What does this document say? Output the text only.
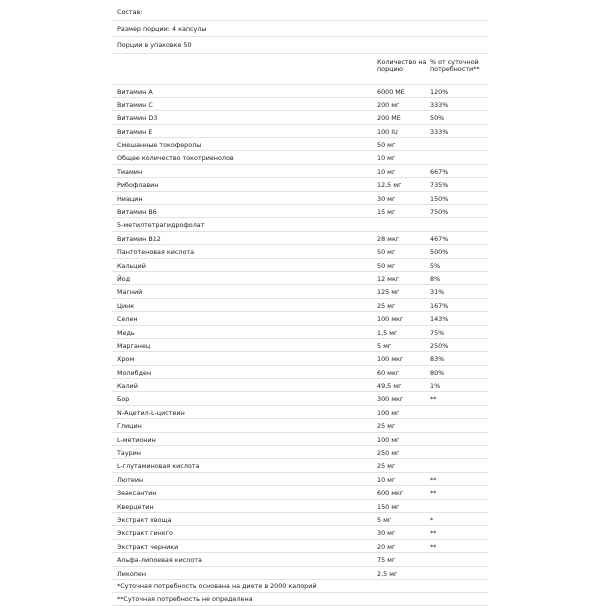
Состав:
Размер порции: 4 капсулы
Порции в упаковке 50
Количество на порцию
% от суточной потребности**
Витамин A	6000 МЕ	120%
Витамин C	200 мг	333%
Витамин D3	200 МЕ	50%
Витамин E	100 IU	333%
Смешанные токоферолы	50 мг
Общее количество токотриенолов	10 мг
Тиамин	10 мг	667%
Рибофлавин	12,5 мг	735%
Ниацин	30 мг	150%
Витамин B6	15 мг	750%
5-метилтетрагидрофолат
Витамин B12	28 мкг	467%
Пантотеновая кислота	50 мг	500%
Кальций	50 мг	5%
Йод	12 мкг	8%
Магний	125 мг	31%
Цинк	25 мг	167%
Селен	100 мкг	143%
Медь	1,5 мг	75%
Марганец	5 мг	250%
Хром	100 мкг	83%
Молибден	60 мкг	80%
Калий	49,5 мг	1%
Бор	300 мкг	**
N-Ацетил-L-цистеин	100 мг
Глицин	25 мг
L-метионин	100 мг
Таурин	250 мг
L-глутаминовая кислота	25 мг
Лютеин	10 мг	**
Зеаксантин	600 мкг	**
Кверцетин	150 мг
Экстракт хвоща	5 мг	*
Экстракт гинкго	30 мг	**
Экстракт черники	20 мг	**
Альфа-липоевая кислота	75 мг
Ликопен	2,5 мг
*Суточная потребность основана на диете в 2000 калорий
**Суточная потребность не определена
